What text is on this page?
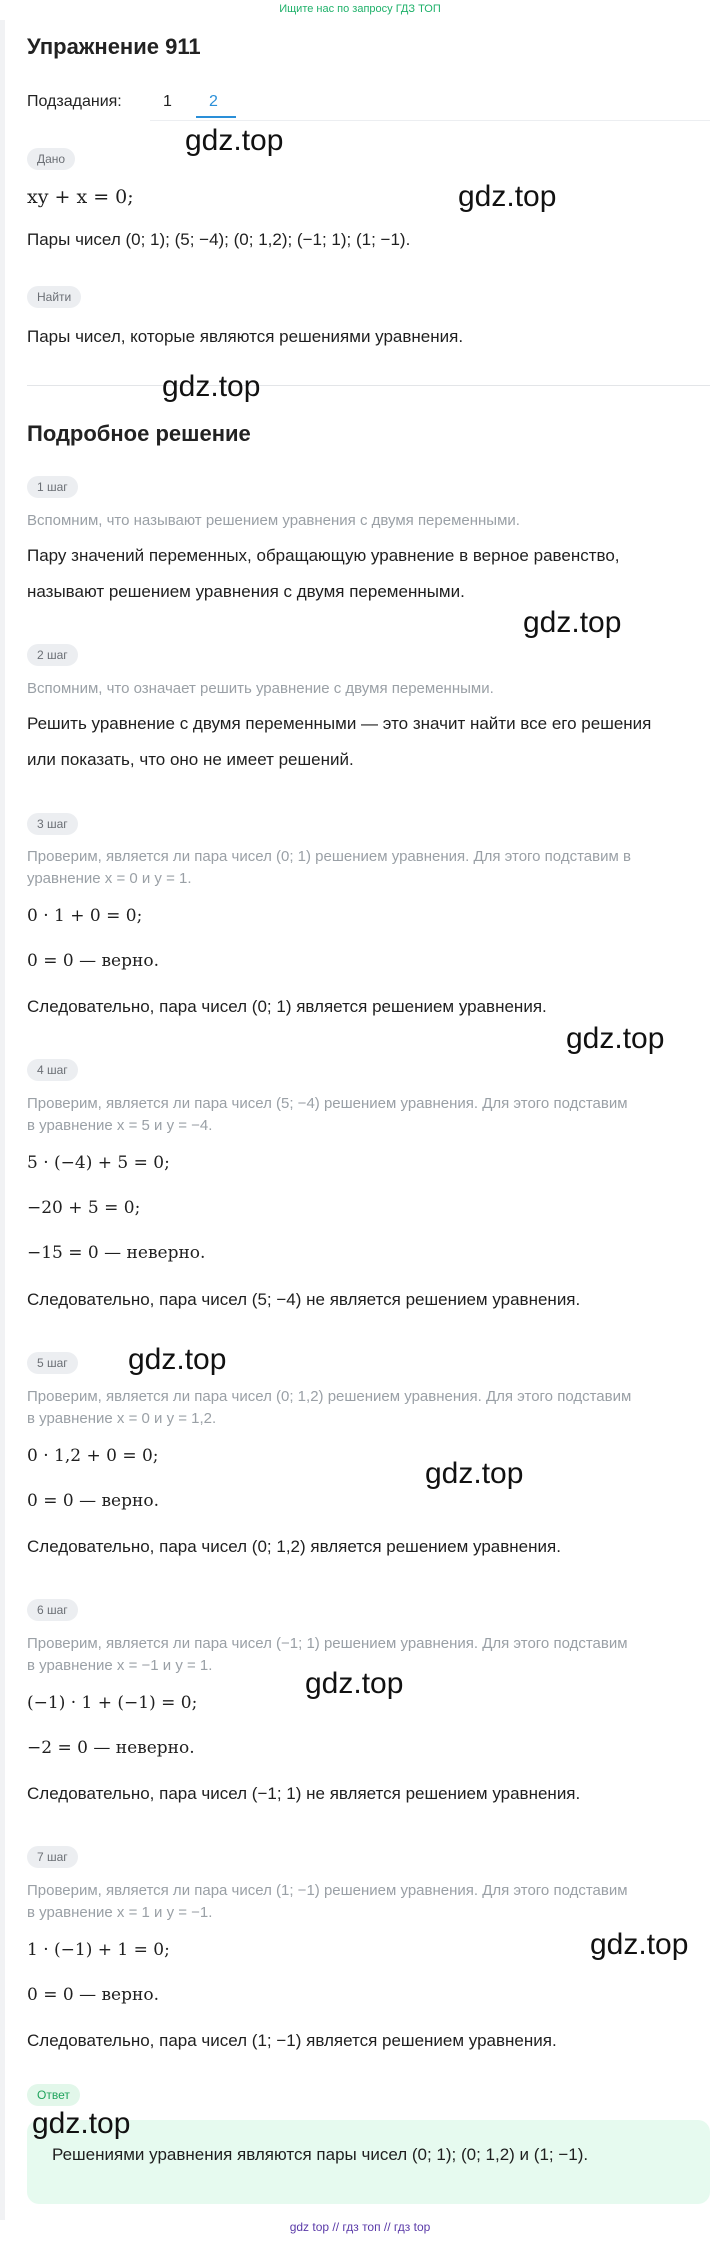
Ищите нас по запросу ГДЗ ТОП
Упражнение 911
Подзадания:	1 2
Дано
xy + x = 0;
Пары чисел (0; 1); (5; −4); (0; 1,2); (−1; 1); (1; −1).
Найти
Пары чисел, которые являются решениями уравнения.
Подробное решение
1 шаг
Вспомним, что называют решением уравнения с двумя переменными.
Пару значений переменных, обращающую уравнение в верное равенство,
называют решением уравнения с двумя переменными.
2 шаг
Вспомним, что означает решить уравнение с двумя переменными.
Решить уравнение с двумя переменными — это значит найти все его решения
или показать, что оно не имеет решений.
3 шаг
Проверим, является ли пара чисел (0; 1) решением уравнения. Для этого подставим в
уравнение x = 0 и y = 1.
0 · 1 + 0 = 0;
0 = 0 — верно.
Следовательно, пара чисел (0; 1) является решением уравнения.
4 шаг
Проверим, является ли пара чисел (5; −4) решением уравнения. Для этого подставим
в уравнение x = 5 и y = −4.
5 · (−4) + 5 = 0;
−20 + 5 = 0;
−15 = 0 — неверно.
Следовательно, пара чисел (5; −4) не является решением уравнения.
5 шаг
Проверим, является ли пара чисел (0; 1,2) решением уравнения. Для этого подставим
в уравнение x = 0 и y = 1,2.
0 · 1,2 + 0 = 0;
0 = 0 — верно.
Следовательно, пара чисел (0; 1,2) является решением уравнения.
6 шаг
Проверим, является ли пара чисел (−1; 1) решением уравнения. Для этого подставим
в уравнение x = −1 и y = 1.
(−1) · 1 + (−1) = 0;
−2 = 0 — неверно.
Следовательно, пара чисел (−1; 1) не является решением уравнения.
7 шаг
Проверим, является ли пара чисел (1; −1) решением уравнения. Для этого подставим
в уравнение x = 1 и y = −1.
1 · (−1) + 1 = 0;
0 = 0 — верно.
Следовательно, пара чисел (1; −1) является решением уравнения.
Ответ
Решениями уравнения являются пары чисел (0; 1); (0; 1,2) и (1; −1).
gdz.top
gdz.top
gdz.top
gdz.top
gdz.top
gdz.top
gdz.top
gdz.top
gdz.top
gdz.top
gdz top // гдз топ // гдз top
